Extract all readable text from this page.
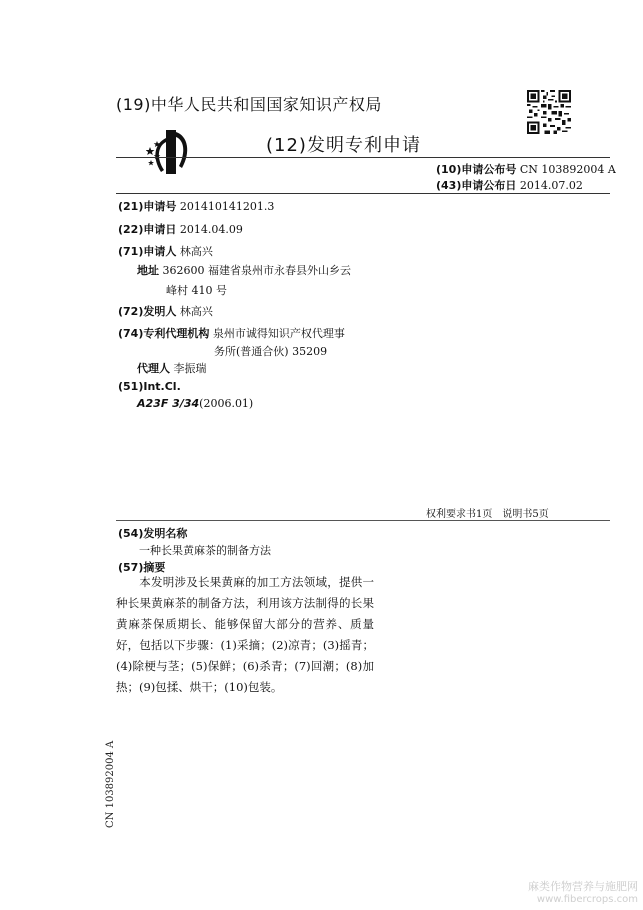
(19)中华人民共和国国家知识产权局
(12)发明专利申请
(10)申请公布号 CN 103892004 A
(43)申请公布日 2014.07.02
(21)申请号 201410141201.3
(22)申请日 2014.04.09
(71)申请人 林高兴
地址 362600 福建省泉州市永春县外山乡云
峰村 410 号
(72)发明人 林高兴
(74)专利代理机构 泉州市诚得知识产权代理事
务所(普通合伙) 35209
代理人 李振瑞
(51)Int.Cl.
A23F 3/34(2006.01)
权利要求书1页　说明书5页
(54)发明名称
一种长果黄麻茶的制备方法
(57)摘要
本发明涉及长果黄麻的加工方法领域，提供一种长果黄麻茶的制备方法，利用该方法制得的长果黄麻茶保质期长、能够保留大部分的营养、质量好，包括以下步骤：(1)采摘；(2)凉青；(3)摇青；(4)除梗与茎；(5)保鲜；(6)杀青；(7)回潮；(8)加热；(9)包揉、烘干；(10)包装。
CN 103892004 A
麻类作物营养与施肥网
www.fibercrops.com
